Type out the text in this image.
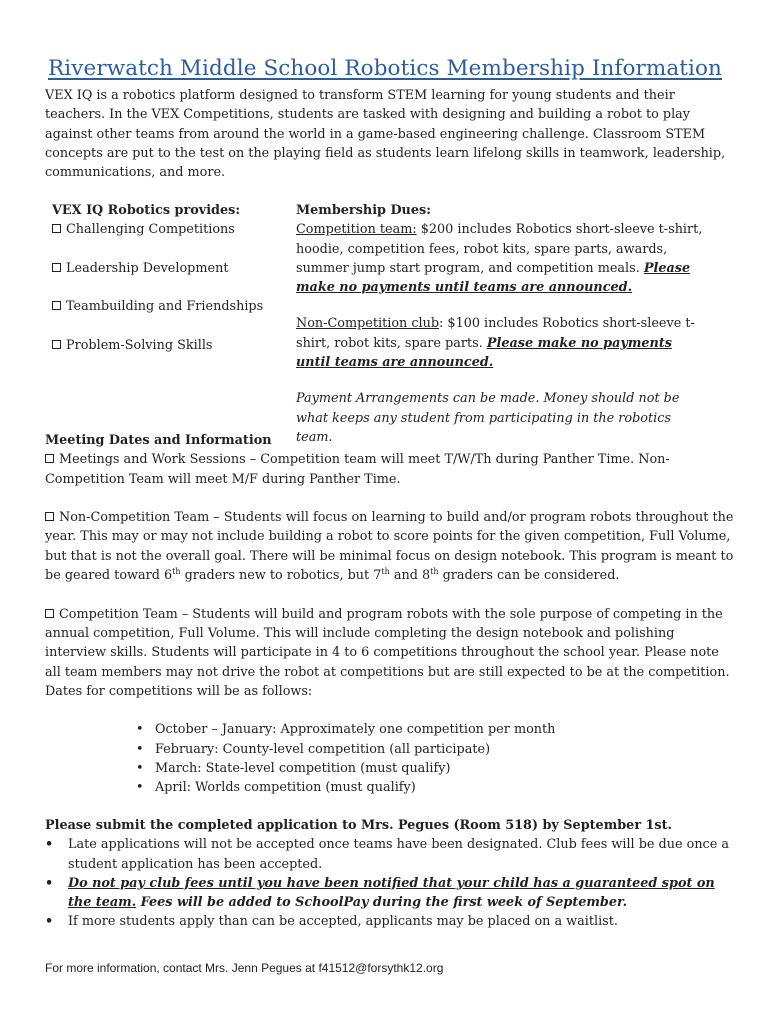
Riverwatch Middle School Robotics Membership Information
VEX IQ is a robotics platform designed to transform STEM learning for young students and their teachers. In the VEX Competitions, students are tasked with designing and building a robot to play against other teams from around the world in a game-based engineering challenge. Classroom STEM concepts are put to the test on the playing field as students learn lifelong skills in teamwork, leadership, communications, and more.
VEX IQ Robotics provides:
Challenging Competitions
Leadership Development
Teambuilding and Friendships
Problem-Solving Skills
Membership Dues:
Competition team: $200 includes Robotics short-sleeve t-shirt, hoodie, competition fees, robot kits, spare parts, awards, summer jump start program, and competition meals. Please make no payments until teams are announced.
Non-Competition club: $100 includes Robotics short-sleeve t-shirt, robot kits, spare parts. Please make no payments until teams are announced.
Payment Arrangements can be made. Money should not be what keeps any student from participating in the robotics team.
Meeting Dates and Information
Meetings and Work Sessions – Competition team will meet T/W/Th during Panther Time. Non-Competition Team will meet M/F during Panther Time.
Non-Competition Team – Students will focus on learning to build and/or program robots throughout the year. This may or may not include building a robot to score points for the given competition, Full Volume, but that is not the overall goal. There will be minimal focus on design notebook. This program is meant to be geared toward 6th graders new to robotics, but 7th and 8th graders can be considered.
Competition Team – Students will build and program robots with the sole purpose of competing in the annual competition, Full Volume. This will include completing the design notebook and polishing interview skills. Students will participate in 4 to 6 competitions throughout the school year. Please note all team members may not drive the robot at competitions but are still expected to be at the competition. Dates for competitions will be as follows:
• October – January: Approximately one competition per month
• February: County-level competition (all participate)
• March: State-level competition (must qualify)
• April: Worlds competition (must qualify)
Please submit the completed application to Mrs. Pegues (Room 518) by September 1st.
• Late applications will not be accepted once teams have been designated. Club fees will be due once a student application has been accepted.
• Do not pay club fees until you have been notified that your child has a guaranteed spot on the team. Fees will be added to SchoolPay during the first week of September.
• If more students apply than can be accepted, applicants may be placed on a waitlist.
For more information, contact Mrs. Jenn Pegues at f41512@forsythk12.org
